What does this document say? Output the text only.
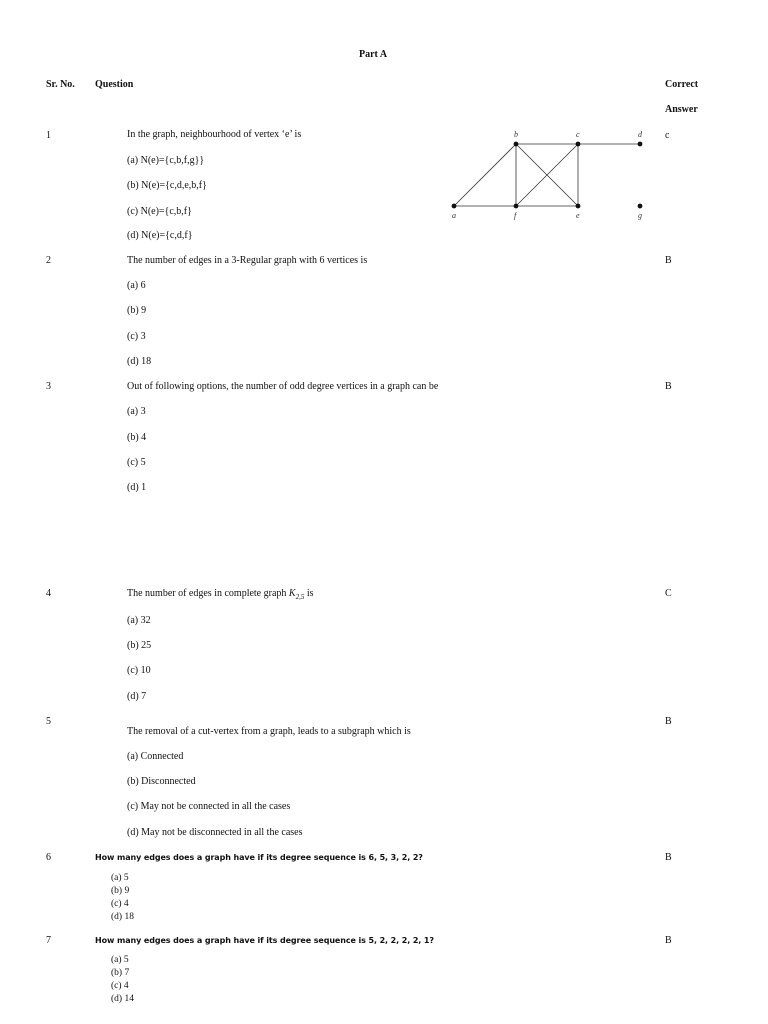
Part A
Sr. No. Question	Correct
Answer
1	In the graph, neighbourhood of vertex ‘e’ is
(a) N(e)={c,b,f,g}}
(b) N(e)={c,d,e,b,f}
(c) N(e)={c,b,f}
(d) N(e)={c,d,f}
c
b	c	d
a	f	e	g
2	The number of edges in a 3-Regular graph with 6 vertices is
(a) 6
(b) 9
(c) 3
(d) 18
B
3	Out of following options, the number of odd degree vertices in a graph can be
(a) 3
(b) 4
(c) 5
(d) 1
B
4	The number of edges in complete graph $K_{2,5}$ is
(a) 32
(b) 25
(c) 10
(d) 7
C
5
The removal of a cut-vertex from a graph, leads to a subgraph which is
(a) Connected
(b) Disconnected
(c) May not be connected in all the cases
(d) May not be disconnected in all the cases
B
6	How many edges does a graph have if its degree sequence is 6, 5, 3, 2, 2?
(a) 5
(b) 9
(c) 4
(d) 18
B
7	How many edges does a graph have if its degree sequence is 5, 2, 2, 2, 2, 1?
(a) 5
(b) 7
(c) 4
(d) 14
B
